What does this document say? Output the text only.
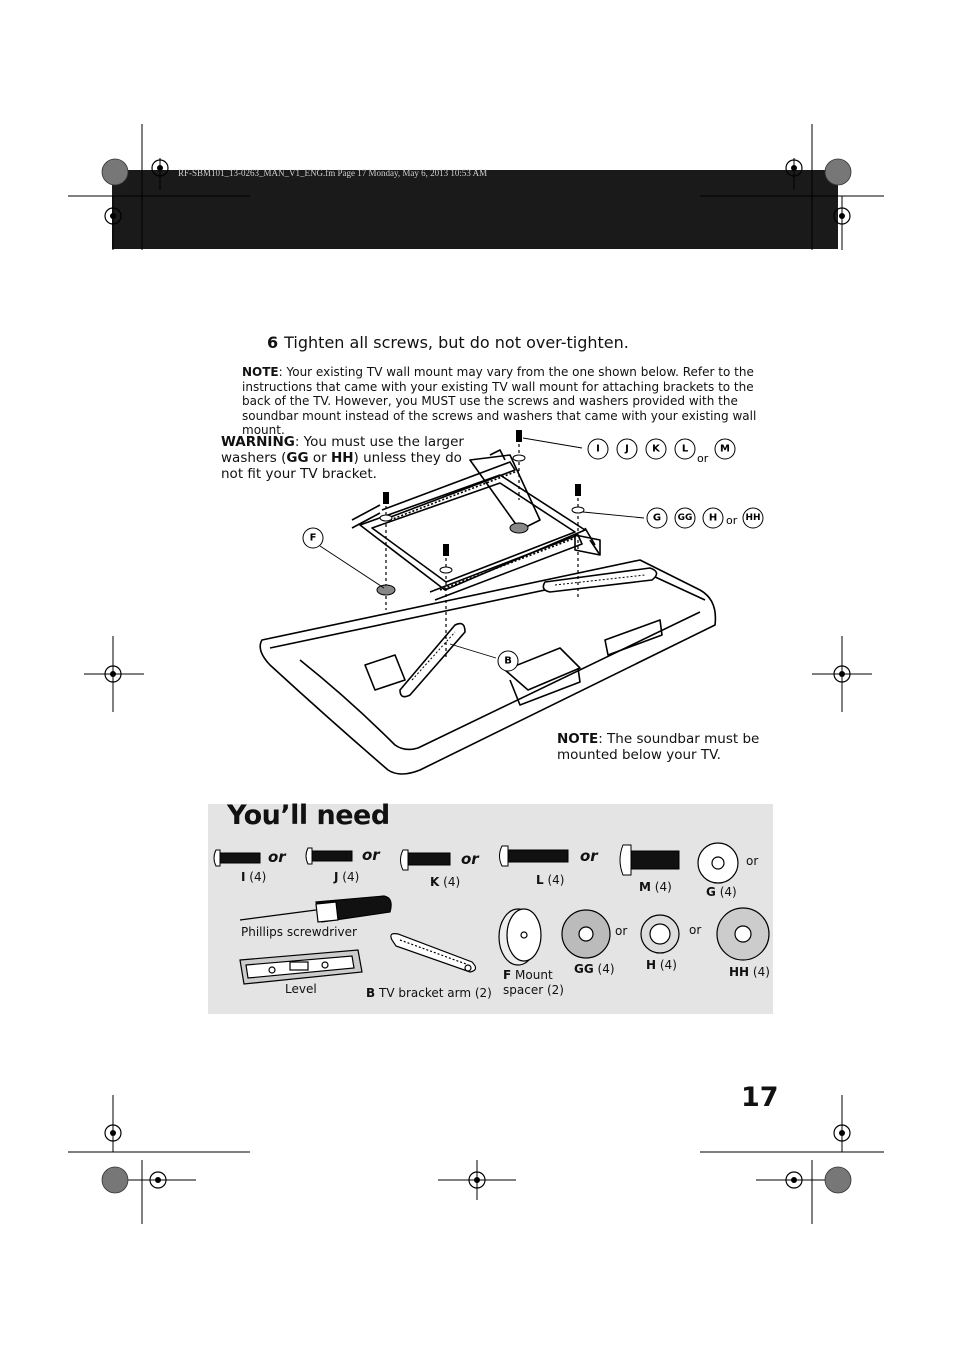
RF-SBM101_13-0263_MAN_V1_ENG.fm Page 17 Monday, May 6, 2013 10:53 AM
6 Tighten all screws, but do not over-tighten.
NOTE: Your existing TV wall mount may vary from the one shown below. Refer to the instructions that came with your existing TV wall mount for attaching brackets to the back of the TV. However, you MUST use the screws and washers provided with the soundbar mount instead of the screws and washers that came with your existing wall mount.
WARNING: You must use the larger washers (GG or HH) unless they do not fit your TV bracket.
I	J K L	M
G GG H	HH
F
B
or
or
NOTE: The soundbar must be mounted below your TV.
You’ll need
or	or	or	or	or
or	or
I (4)	J (4)	K (4)	L (4)	M (4)	G (4)
GG (4)	H (4)	HH (4)
F Mount
spacer (2)
B TV bracket arm (2)
Phillips screwdriver
Level
17
